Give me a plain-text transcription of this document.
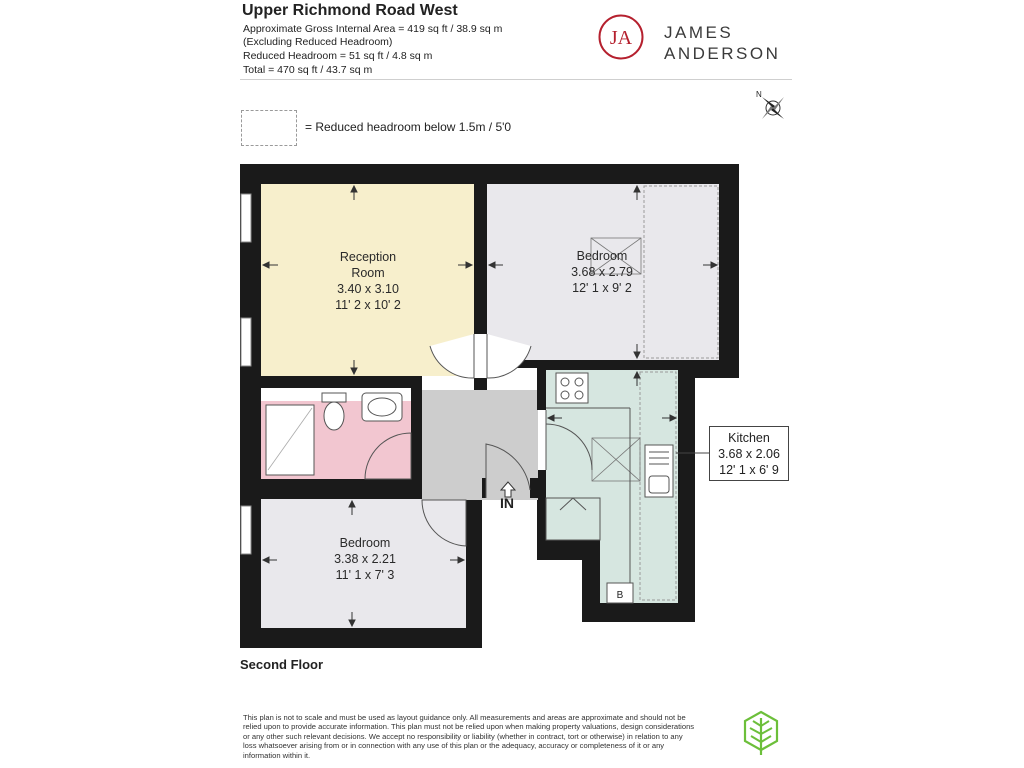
Upper Richmond Road West
Approximate Gross Internal Area = 419 sq ft / 38.9 sq m
(Excluding Reduced Headroom)
Reduced Headroom = 51 sq ft / 4.8 sq m
Total = 470 sq ft / 43.7 sq m
JA JAMES
ANDERSON
= Reduced headroom below 1.5m / 5'0
N
B
Reception
Room
3.40 x 3.10
11' 2 x 10' 2
Bedroom
3.68 x 2.79
12' 1 x 9' 2
Bedroom
3.38 x 2.21
11' 1 x 7' 3
Kitchen
3.68 x 2.06
12' 1 x 6' 9
IN
Second Floor
This plan is not to scale and must be used as layout guidance only. All measurements and areas are approximate and should not be relied upon to provide accurate information. This plan must not be relied upon when making property valuations, design considerations or any other such relevant decisions. We accept no responsibility or liability (whether in contract, tort or otherwise) in relation to any loss whatsoever arising from or in connection with any use of this plan or the adequacy, accuracy or completeness of it or any information within it.
